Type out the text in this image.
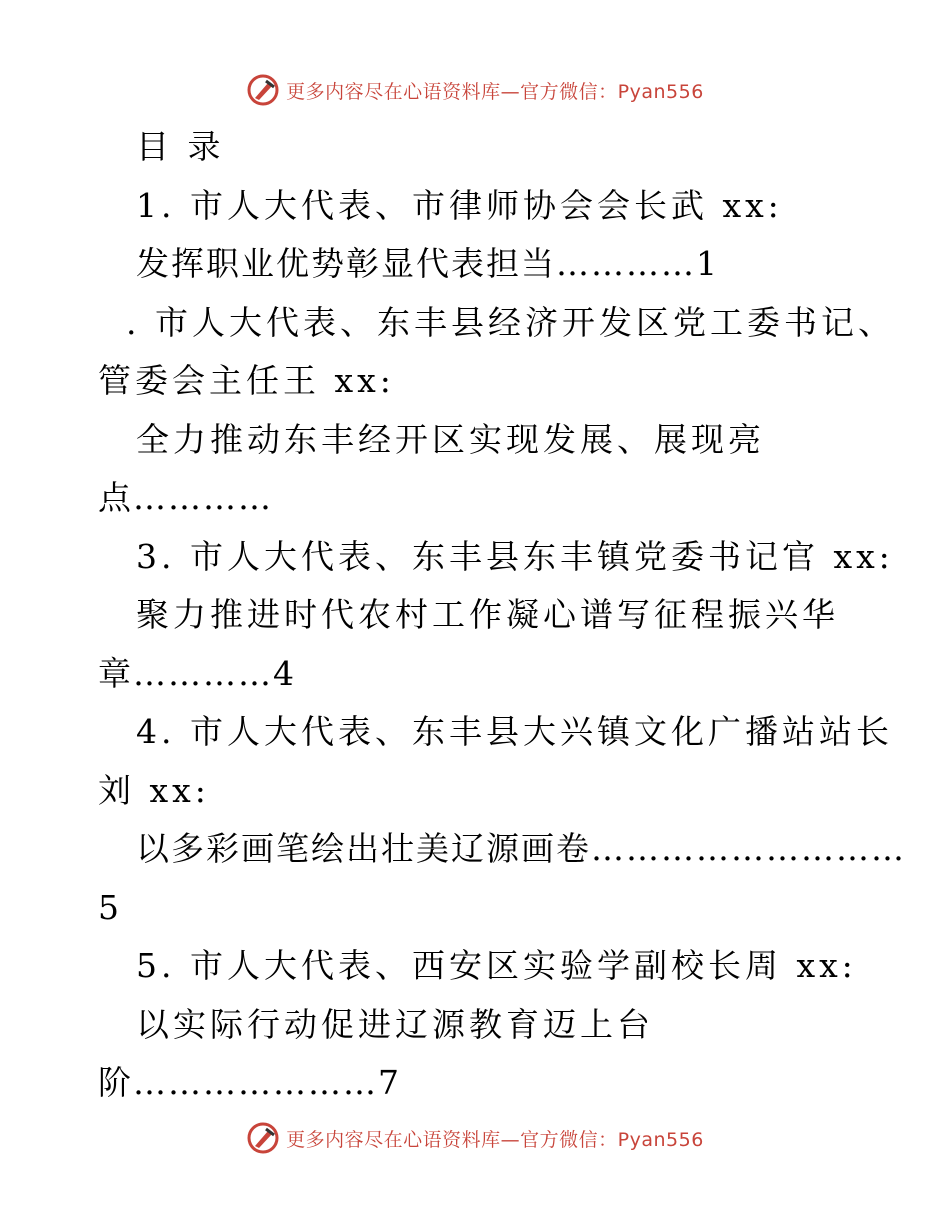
更多内容尽在心语资料库—官方微信：Pyan556
目 录
1. 市人大代表、市律师协会会长武 xx:
发挥职业优势彰显代表担当…………1
. 市人大代表、东丰县经济开发区党工委书记、
管委会主任王 xx:
全力推动东丰经开区实现发展、展现亮
点…………
3. 市人大代表、东丰县东丰镇党委书记官 xx:
聚力推进时代农村工作凝心谱写征程振兴华
章…………4
4. 市人大代表、东丰县大兴镇文化广播站站长
刘 xx:
以多彩画笔绘出壮美辽源画卷………………………
5
5. 市人大代表、西安区实验学副校长周 xx:
以实际行动促进辽源教育迈上台
阶…………………7
更多内容尽在心语资料库—官方微信：Pyan556
